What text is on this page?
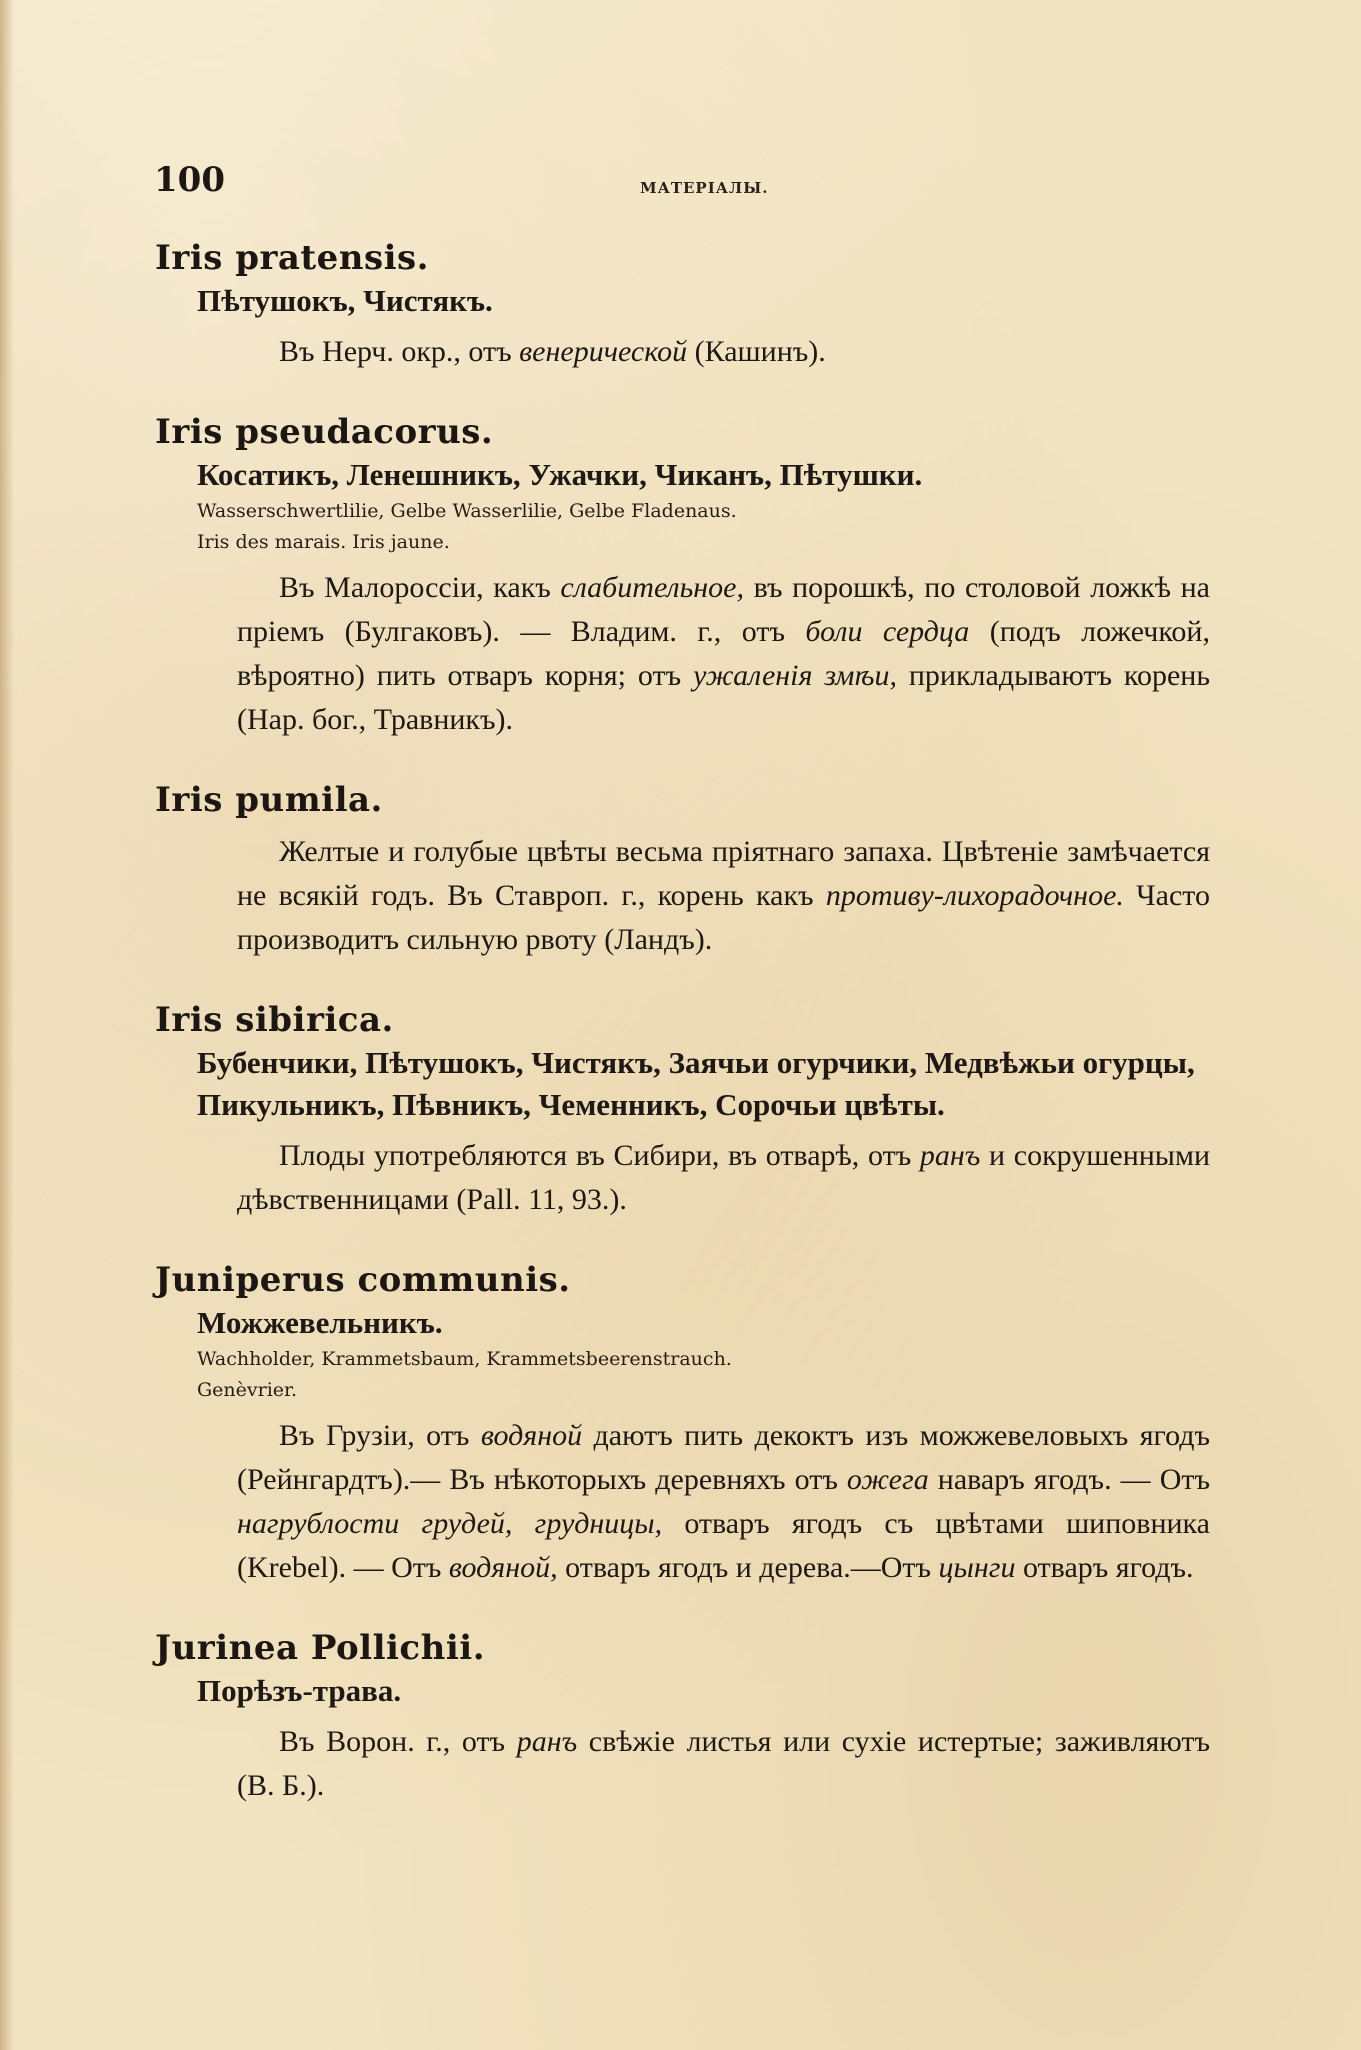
100	МАТЕРІАЛЫ.
Iris pratensis.
Пѣтушокъ, Чистякъ.
Въ Нерч. окр., отъ венерической (Кашинъ).
Iris pseudacorus.
Косатикъ, Ленешникъ, Ужачки, Чиканъ, Пѣтушки.
Wasserschwertlilie, Gelbe Wasserlilie, Gelbe Fladenaus.
Iris des marais. Iris jaune.
Въ Малороссіи, какъ слабительное, въ порошкѣ, по столовой ложкѣ на пріемъ (Булгаковъ). — Владим. г., отъ боли сердца (подъ ложечкой, вѣроятно) пить отваръ корня; отъ ужаленія змѣи, прикладываютъ корень (Нар. бог., Травникъ).
Iris pumila.
Желтые и голубые цвѣты весьма пріятнаго запаха. Цвѣтеніе замѣчается не всякій годъ. Въ Ставроп. г., корень какъ противу-лихорадочное. Часто производитъ сильную рвоту (Ландъ).
Iris sibirica.
Бубенчики, Пѣтушокъ, Чистякъ, Заячьи огурчики, Медвѣжьи огурцы, Пикульникъ, Пѣвникъ, Чеменникъ, Сорочьи цвѣты.
Плоды употребляются въ Сибири, въ отварѣ, отъ ранъ и сокрушенными дѣвственницами (Pall. 11, 93.).
Juniperus communis.
Можжевельникъ.
Wachholder, Krammetsbaum, Krammetsbeerenstrauch.
Genèvrier.
Въ Грузіи, отъ водяной даютъ пить декоктъ изъ можжевеловыхъ ягодъ (Рейнгардтъ).— Въ нѣкоторыхъ деревняхъ отъ ожега наваръ ягодъ. — Отъ нагрублости грудей, грудницы, отваръ ягодъ съ цвѣтами шиповника (Krebel). — Отъ водяной, отваръ ягодъ и дерева.—Отъ цынги отваръ ягодъ.
Jurinea Pollichii.
Порѣзъ-трава.
Въ Ворон. г., отъ ранъ свѣжіе листья или сухіе истертые; заживляютъ (В. Б.).
